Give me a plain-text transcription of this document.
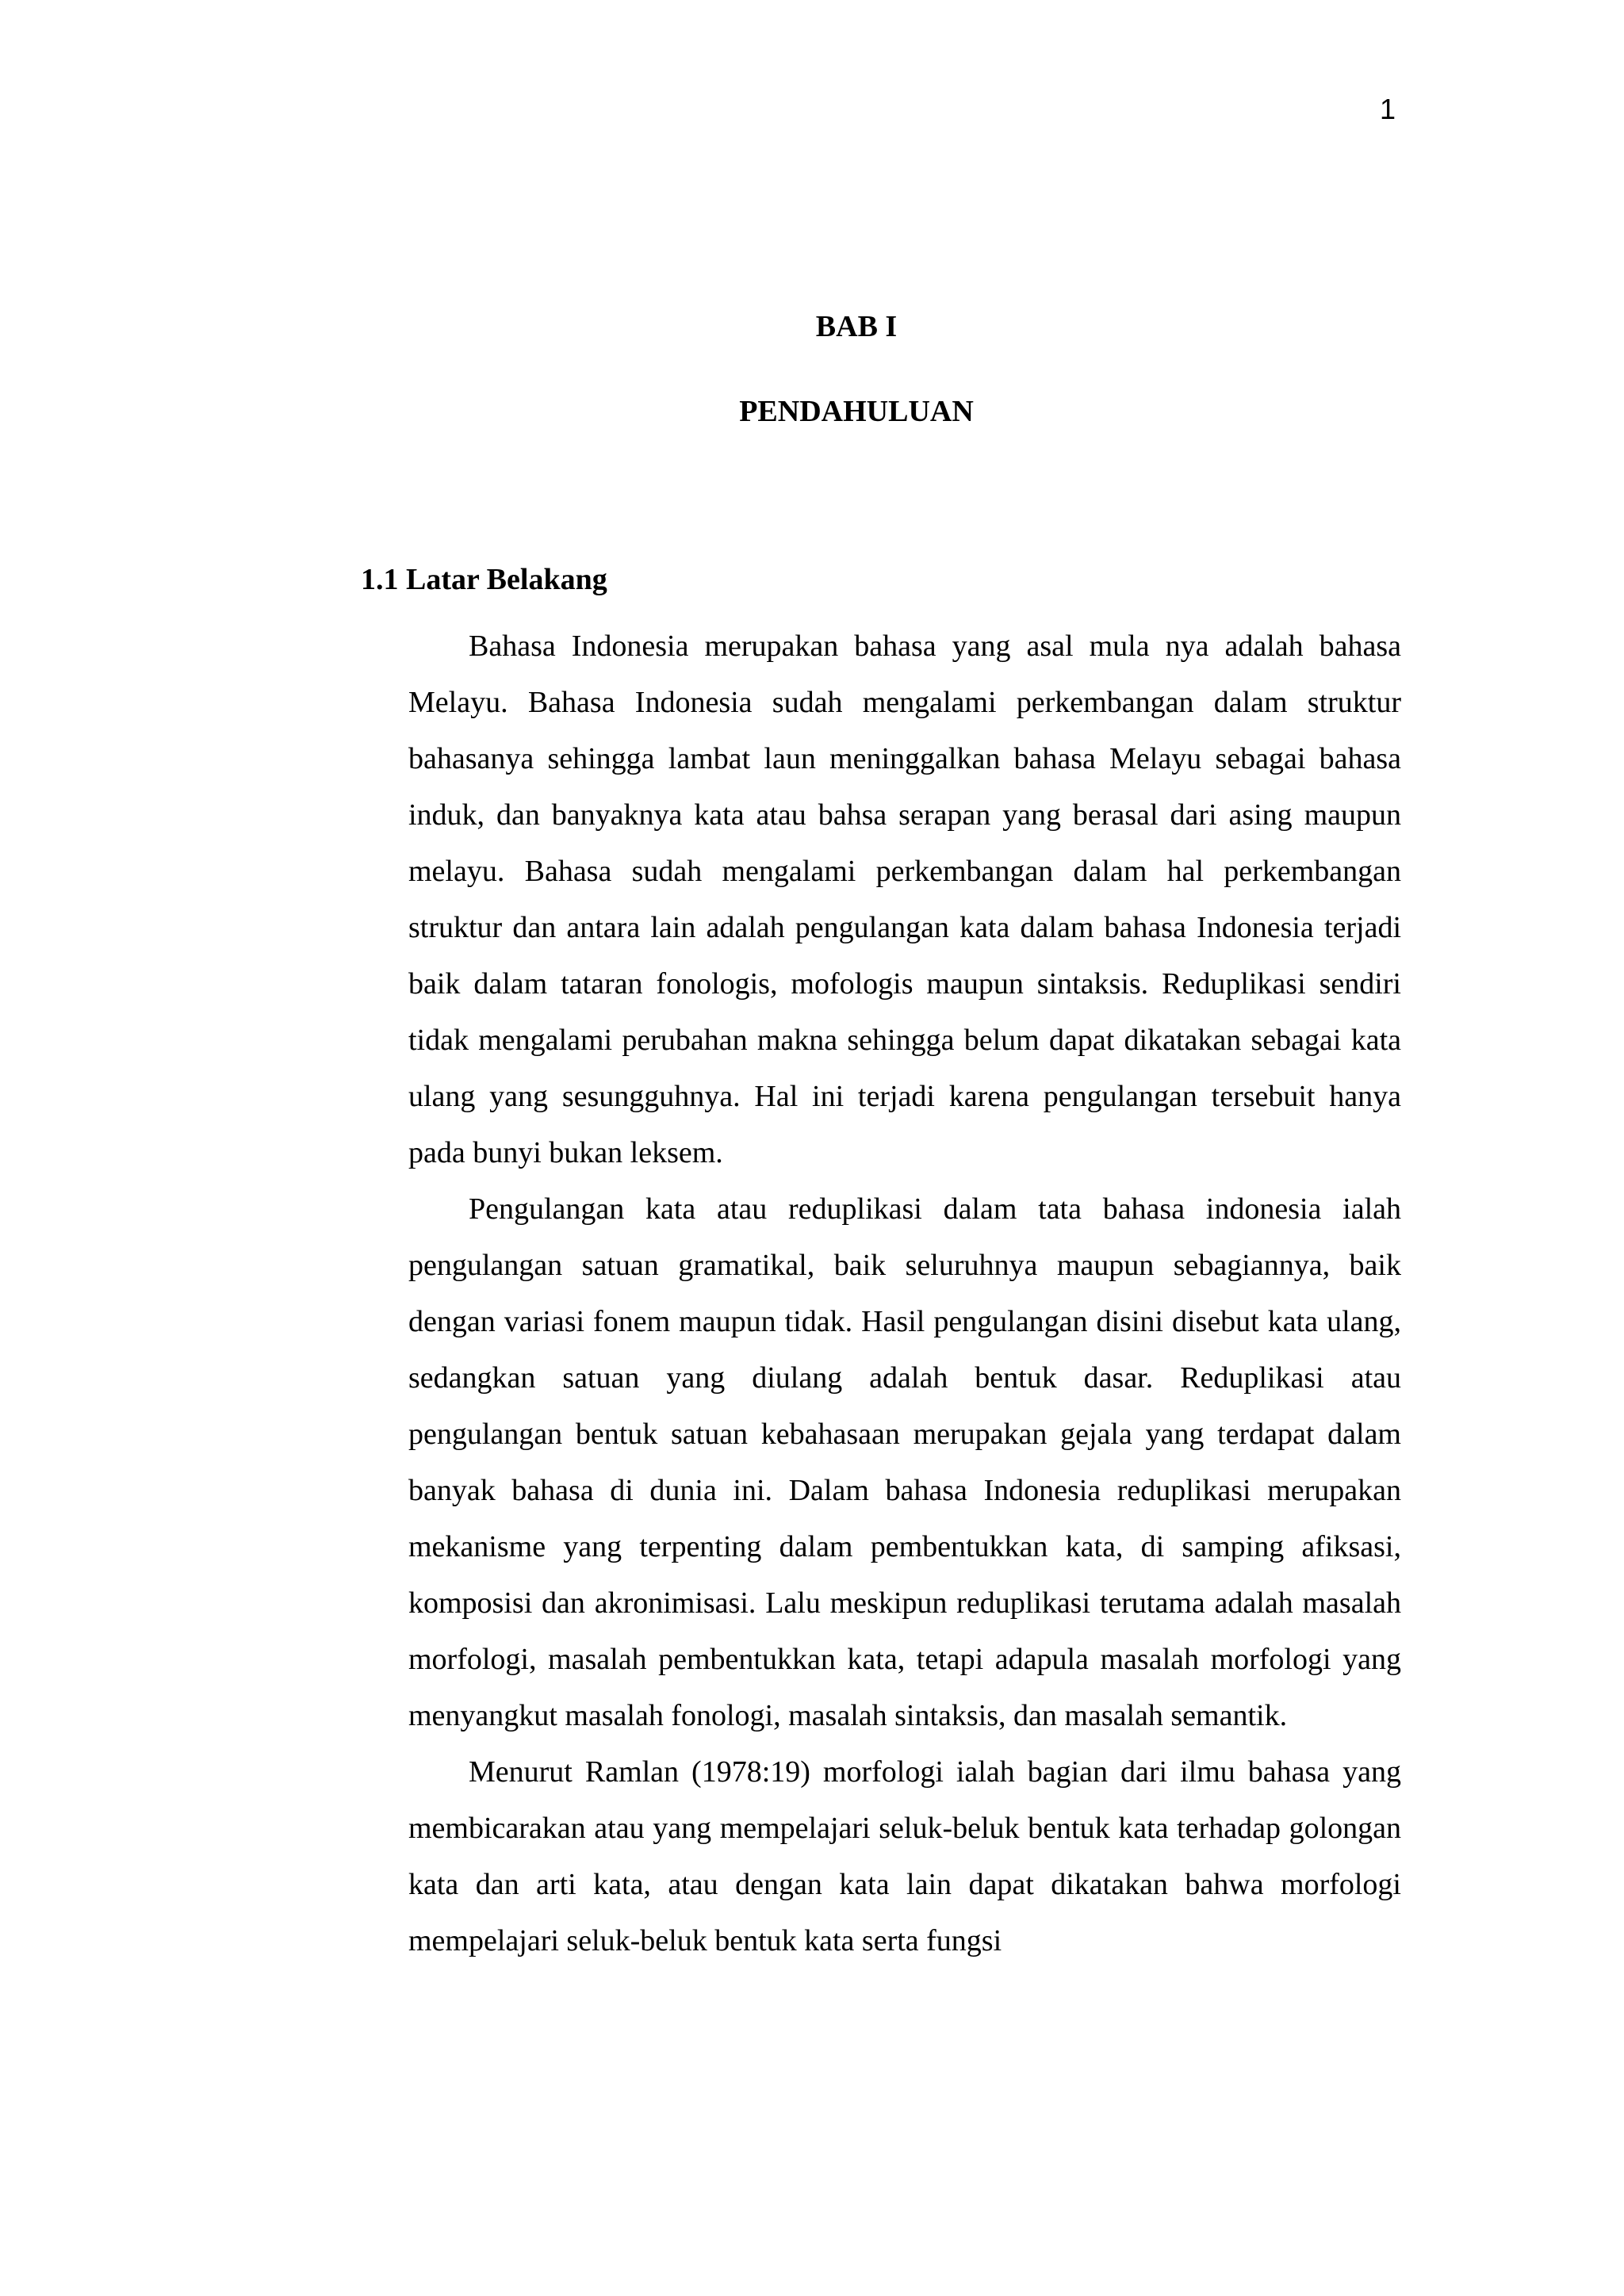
1
BAB I
PENDAHULUAN
1.1 Latar Belakang

Bahasa Indonesia merupakan bahasa yang asal mula nya adalah bahasa Melayu. Bahasa Indonesia sudah mengalami perkembangan dalam struktur bahasanya sehingga lambat laun meninggalkan bahasa Melayu sebagai bahasa induk, dan banyaknya kata atau bahsa serapan yang berasal dari asing maupun melayu. Bahasa sudah mengalami perkembangan dalam hal perkembangan struktur dan antara lain adalah pengulangan kata dalam bahasa Indonesia terjadi baik dalam tataran fonologis, mofologis maupun sintaksis. Reduplikasi sendiri tidak mengalami perubahan makna sehingga belum dapat dikatakan sebagai kata ulang yang sesungguhnya. Hal ini terjadi karena pengulangan tersebuit hanya pada bunyi bukan leksem.

Pengulangan kata atau reduplikasi dalam tata bahasa indonesia ialah pengulangan satuan gramatikal, baik seluruhnya maupun sebagiannya, baik dengan variasi fonem maupun tidak. Hasil pengulangan disini disebut kata ulang, sedangkan satuan yang diulang adalah bentuk dasar. Reduplikasi atau pengulangan bentuk satuan kebahasaan merupakan gejala yang terdapat dalam banyak bahasa di dunia ini. Dalam bahasa Indonesia reduplikasi merupakan mekanisme yang terpenting dalam pembentukkan kata, di samping afiksasi, komposisi dan akronimisasi. Lalu meskipun reduplikasi terutama adalah masalah morfologi, masalah pembentukkan kata, tetapi adapula masalah morfologi yang menyangkut masalah fonologi, masalah sintaksis, dan masalah semantik.

Menurut Ramlan (1978:19) morfologi ialah bagian dari ilmu bahasa yang membicarakan atau yang mempelajari seluk-beluk bentuk kata terhadap golongan kata dan arti kata, atau dengan kata lain dapat dikatakan bahwa morfologi mempelajari seluk-beluk bentuk kata serta fungsi
